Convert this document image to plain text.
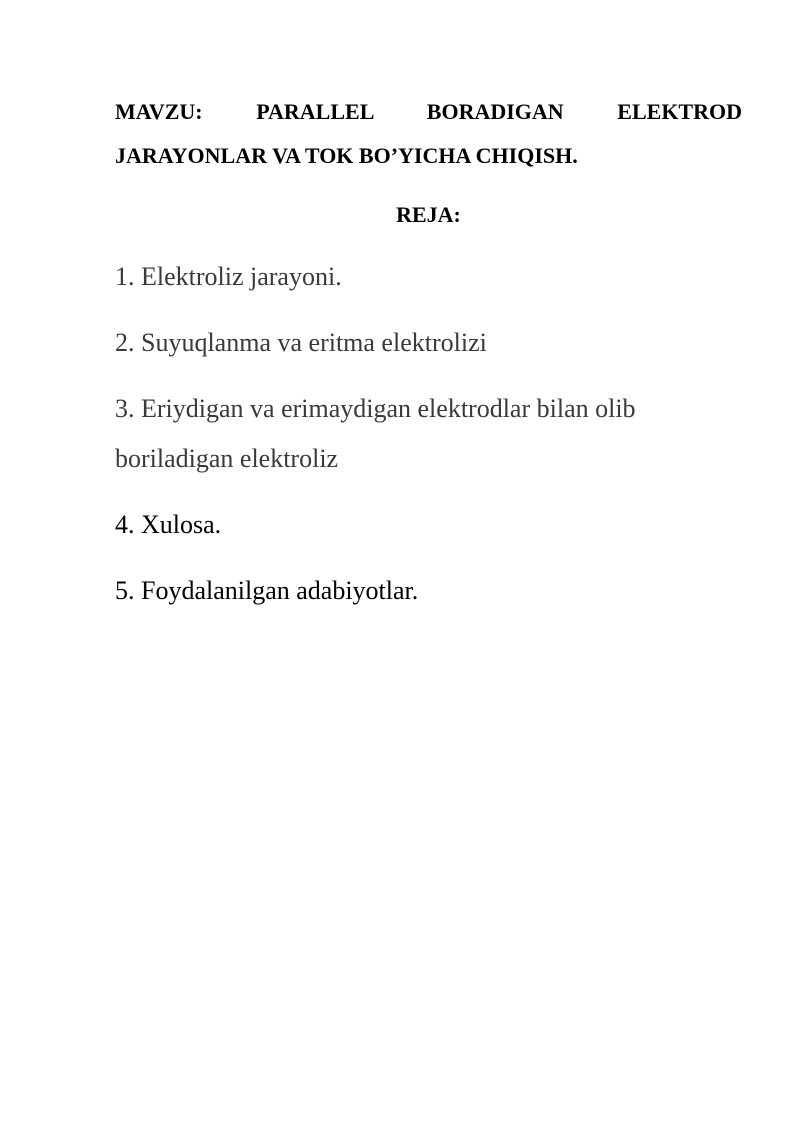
MAVZU: PARALLEL BORADIGAN ELEKTROD
JARAYONLAR VA TOK BO’YICHA CHIQISH.
REJA:
1. Elektroliz jarayoni.
2. Suyuqlanma va eritma elektrolizi
3. Eriydigan va erimaydigan elektrodlar bilan olib boriladigan elektroliz
4. Xulosa.
5. Foydalanilgan adabiyotlar.
